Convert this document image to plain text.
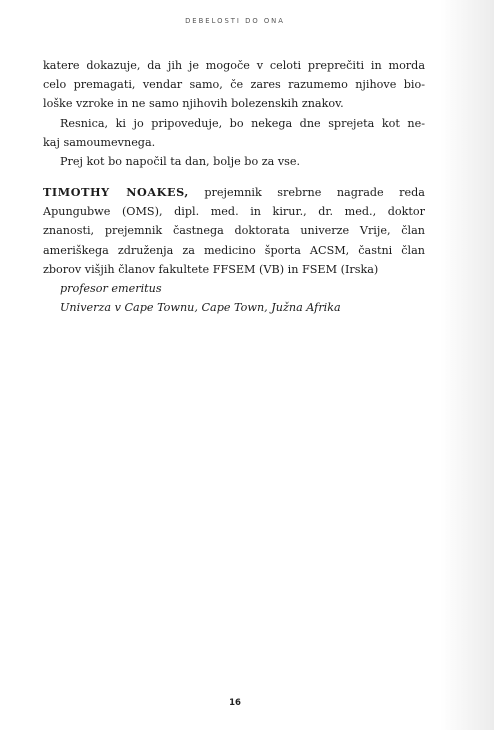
DEBELOSTI DO ONA

katere dokazuje, da jih je mogoče v celoti preprečiti in morda
celo premagati, vendar samo, če zares razumemo njihove bio-
loške vzroke in ne samo njihovih bolezenskih znakov.

Resnica, ki jo pripoveduje, bo nekega dne sprejeta kot ne-
kaj samoumevnega.

Prej kot bo napočil ta dan, bolje bo za vse.

TIMOTHY NOAKES, prejemnik srebrne nagrade reda
Apungubwe (OMS), dipl. med. in kirur., dr. med., doktor
znanosti, prejemnik častnega doktorata univerze Vrije, član
ameriškega združenja za medicino športa ACSM, častni član
zborov višjih članov fakultete FFSEM (VB) in FSEM (Irska)
profesor emeritus
Univerza v Cape Townu, Cape Town, Južna Afrika
16
